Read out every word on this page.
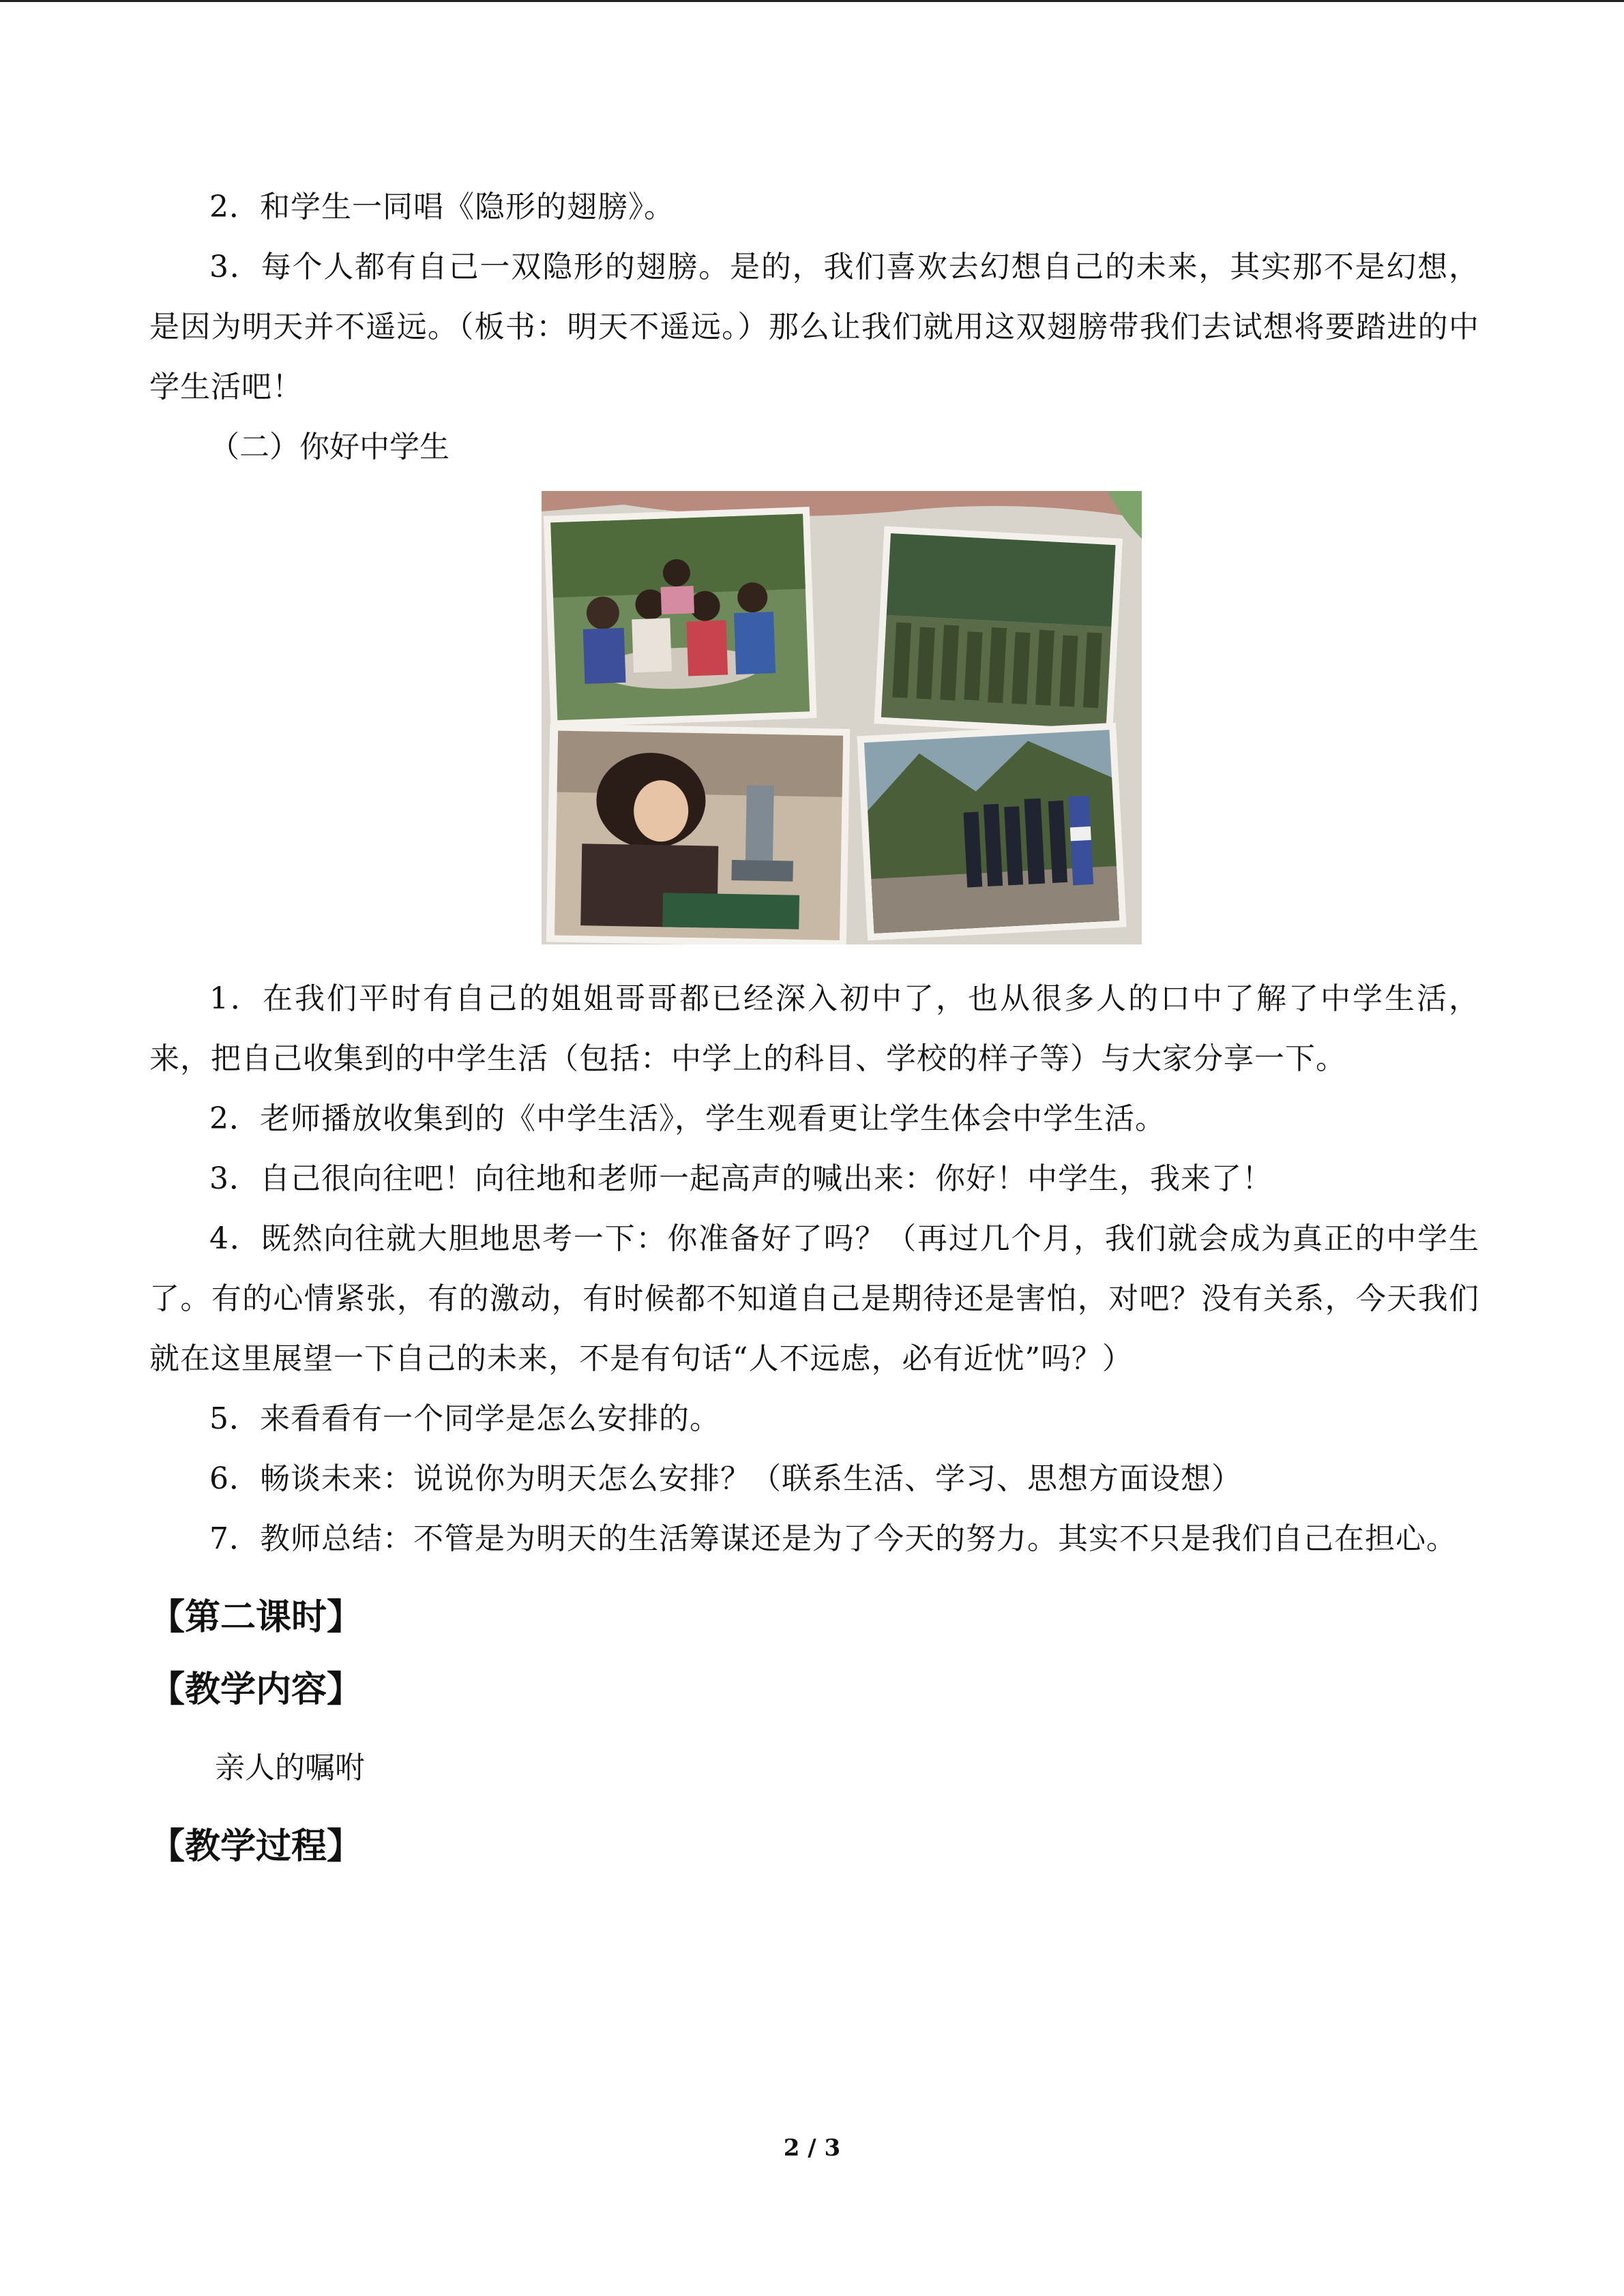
2．和学生一同唱《隐形的翅膀》。

3．每个人都有自己一双隐形的翅膀。是的，我们喜欢去幻想自己的未来，其实那不是幻想，是因为明天并不遥远。（板书：明天不遥远。）那么让我们就用这双翅膀带我们去试想将要踏进的中学生活吧！

（二）你好中学生

1．在我们平时有自己的姐姐哥哥都已经深入初中了，也从很多人的口中了解了中学生活，来，把自己收集到的中学生活（包括：中学上的科目、学校的样子等）与大家分享一下。

2．老师播放收集到的《中学生活》，学生观看更让学生体会中学生活。

3．自己很向往吧！向往地和老师一起高声的喊出来：你好！中学生，我来了！

4．既然向往就大胆地思考一下：你准备好了吗？（再过几个月，我们就会成为真正的中学生了。有的心情紧张，有的激动，有时候都不知道自己是期待还是害怕，对吧？没有关系，今天我们就在这里展望一下自己的未来，不是有句话“人不远虑，必有近忧”吗？）

5．来看看有一个同学是怎么安排的。

6．畅谈未来：说说你为明天怎么安排？（联系生活、学习、思想方面设想）

7．教师总结：不管是为明天的生活筹谋还是为了今天的努力。其实不只是我们自己在担心。

【第二课时】
【教学内容】

亲人的嘱咐

【教学过程】
2 / 3
